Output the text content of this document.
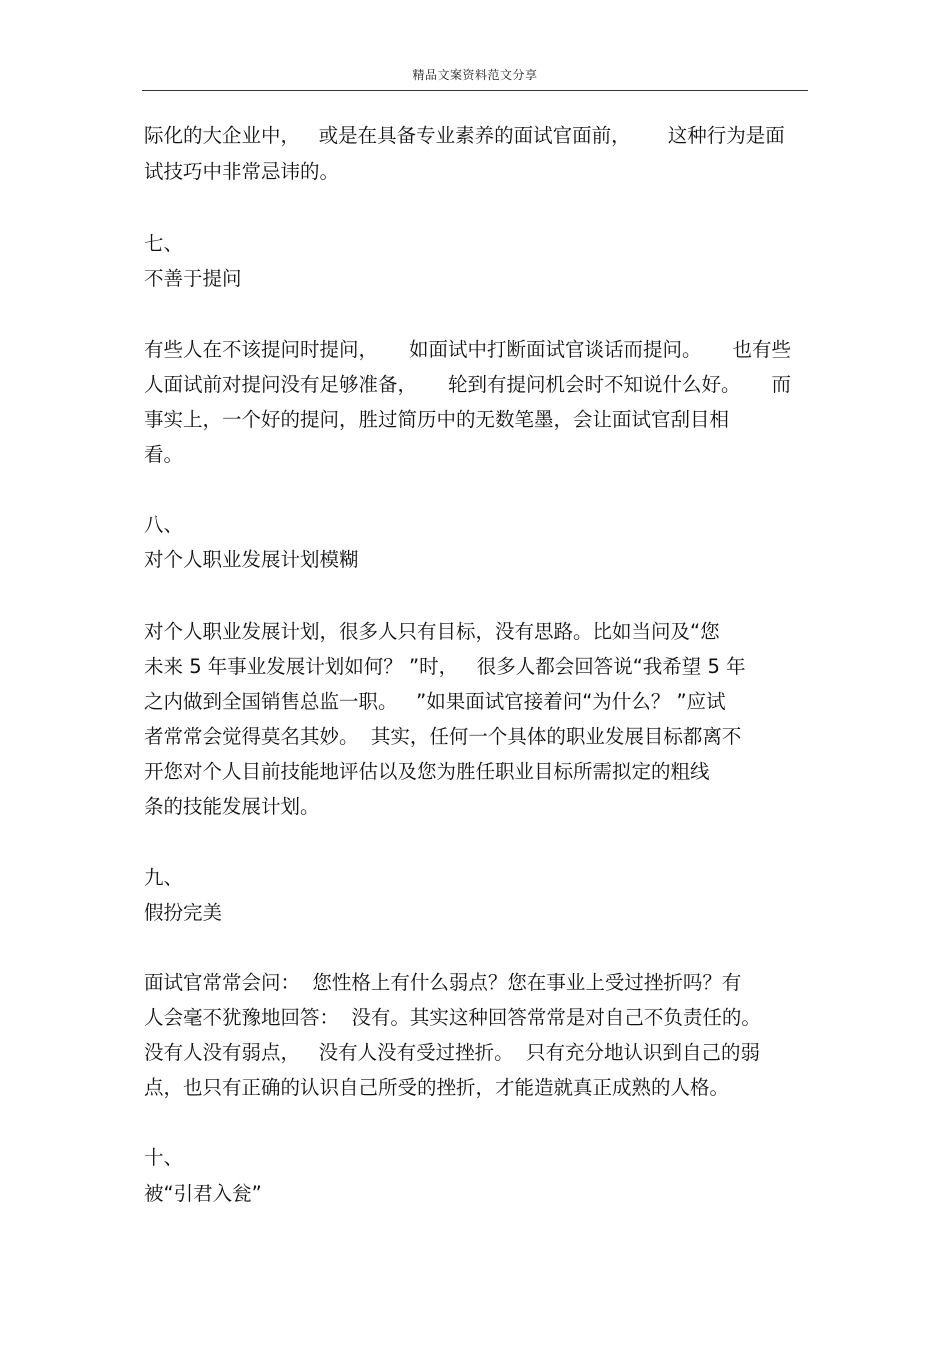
精品文案资料范文分享
际化的大企业中，   或是在具备专业素养的面试官面前，      这种行为是面
试技巧中非常忌讳的。
七、
不善于提问
有些人在不该提问时提问，     如面试中打断面试官谈话而提问。     也有些
人面试前对提问没有足够准备，     轮到有提问机会时不知说什么好。     而
事实上，一个好的提问，胜过简历中的无数笔墨，会让面试官刮目相
看。
八、
对个人职业发展计划模糊
对个人职业发展计划，很多人只有目标，没有思路。比如当问及“您
未来 5 年事业发展计划如何？ ”时，   很多人都会回答说“我希望 5 年
之内做到全国销售总监一职。   ”如果面试官接着问“为什么？ ”应试
者常常会觉得莫名其妙。  其实，任何一个具体的职业发展目标都离不
开您对个人目前技能地评估以及您为胜任职业目标所需拟定的粗线
条的技能发展计划。
九、
假扮完美
面试官常常会问：  您性格上有什么弱点？您在事业上受过挫折吗？有
人会毫不犹豫地回答：  没有。其实这种回答常常是对自己不负责任的。
没有人没有弱点，   没有人没有受过挫折。  只有充分地认识到自己的弱
点，也只有正确的认识自己所受的挫折，才能造就真正成熟的人格。
十、
被“引君入瓮”
